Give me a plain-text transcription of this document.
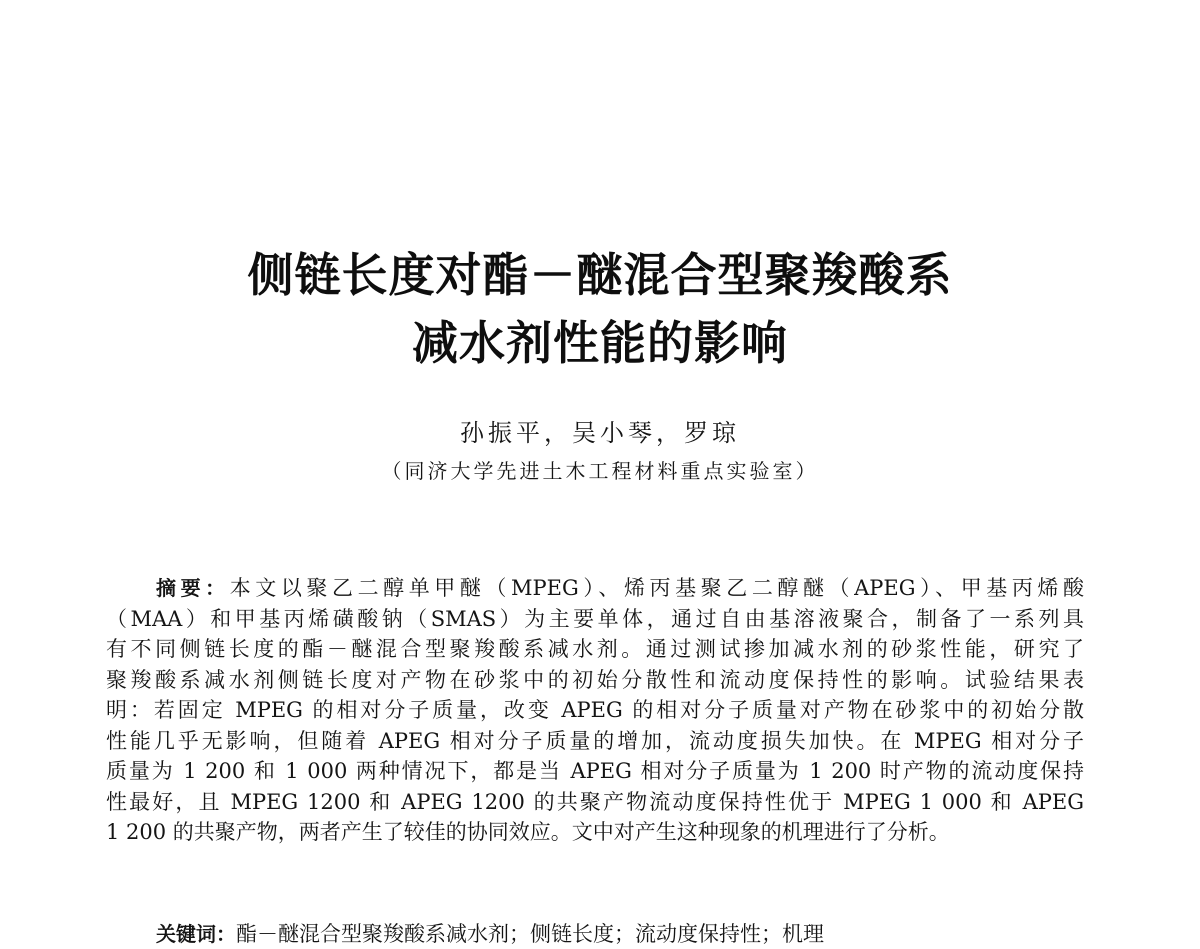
侧链长度对酯－醚混合型聚羧酸系
减水剂性能的影响
孙振平，吴小琴，罗琼
（同济大学先进土木工程材料重点实验室）
摘要：本文以聚乙二醇单甲醚（MPEG）、烯丙基聚乙二醇醚（APEG）、甲基丙烯酸
（MAA）和甲基丙烯磺酸钠（SMAS）为主要单体，通过自由基溶液聚合，制备了一系列具
有不同侧链长度的酯－醚混合型聚羧酸系减水剂。通过测试掺加减水剂的砂浆性能，研究了
聚羧酸系减水剂侧链长度对产物在砂浆中的初始分散性和流动度保持性的影响。试验结果表
明：若固定 MPEG 的相对分子质量，改变 APEG 的相对分子质量对产物在砂浆中的初始分散
性能几乎无影响，但随着 APEG 相对分子质量的增加，流动度损失加快。在 MPEG 相对分子
质量为 1 200 和 1 000 两种情况下，都是当 APEG 相对分子质量为 1 200 时产物的流动度保持
性最好，且 MPEG 1200 和 APEG 1200 的共聚产物流动度保持性优于 MPEG 1 000 和 APEG
1 200 的共聚产物，两者产生了较佳的协同效应。文中对产生这种现象的机理进行了分析。
关键词：酯－醚混合型聚羧酸系减水剂；侧链长度；流动度保持性；机理
